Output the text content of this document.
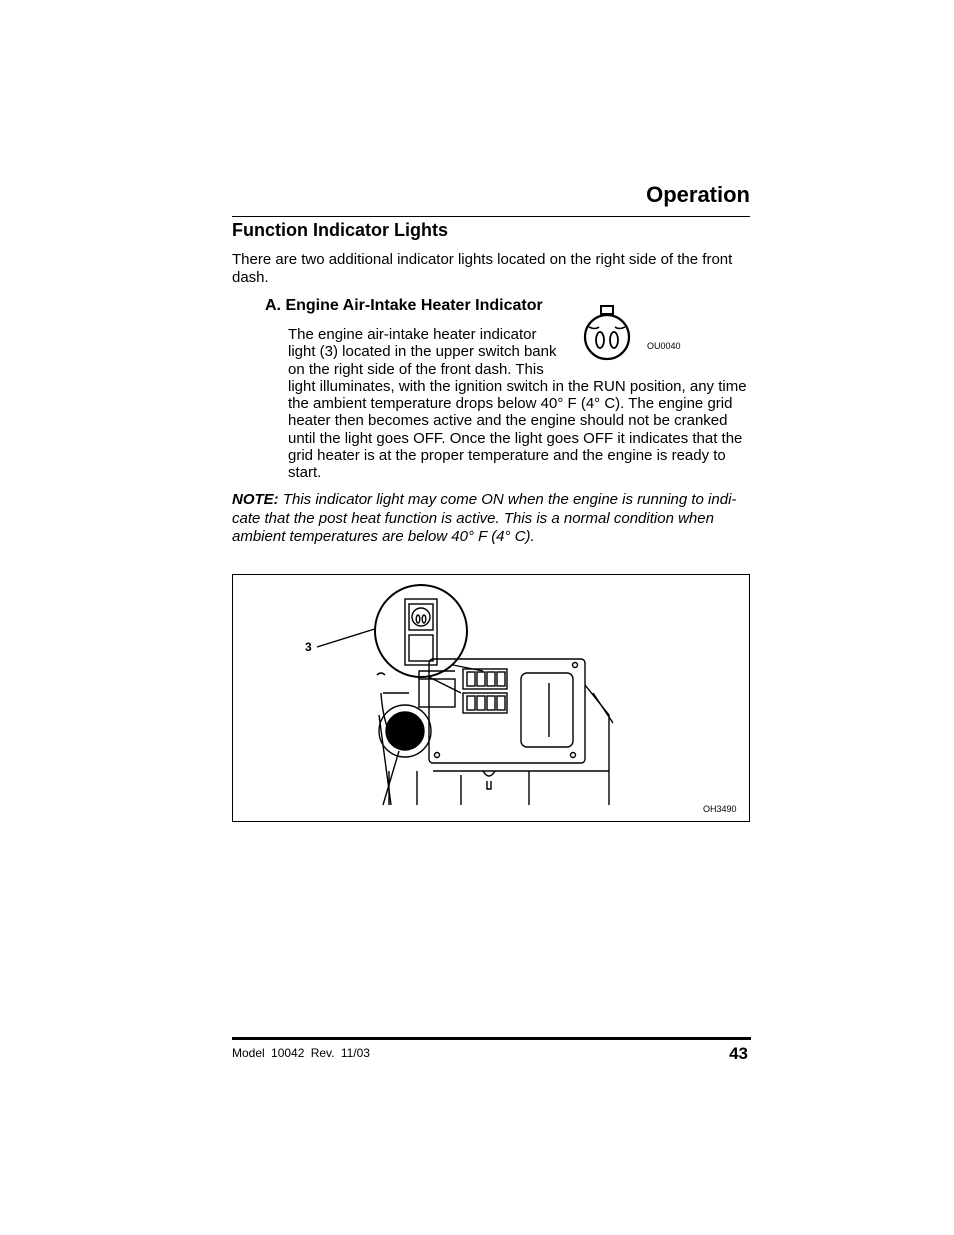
Operation
Function Indicator Lights
There are two additional indicator lights located on the right side of the front dash.
A. Engine Air-Intake Heater Indicator
The engine air-intake heater indicator
light (3) located in the upper switch bank
on the right side of the front dash. This
light illuminates, with the ignition switch in the RUN position, any time the ambient temperature drops below 40° F (4° C). The engine grid heater then becomes active and the engine should not be cranked until the light goes OFF. Once the light goes OFF it indicates that the grid heater is at the proper temperature and the engine is ready to start.
OU0040
NOTE: This indicator light may come ON when the engine is running to indi-cate that the post heat function is active. This is a normal condition when ambient temperatures are below 40° F (4° C).
3
OH3490
Model 10042 Rev. 11/03	43
